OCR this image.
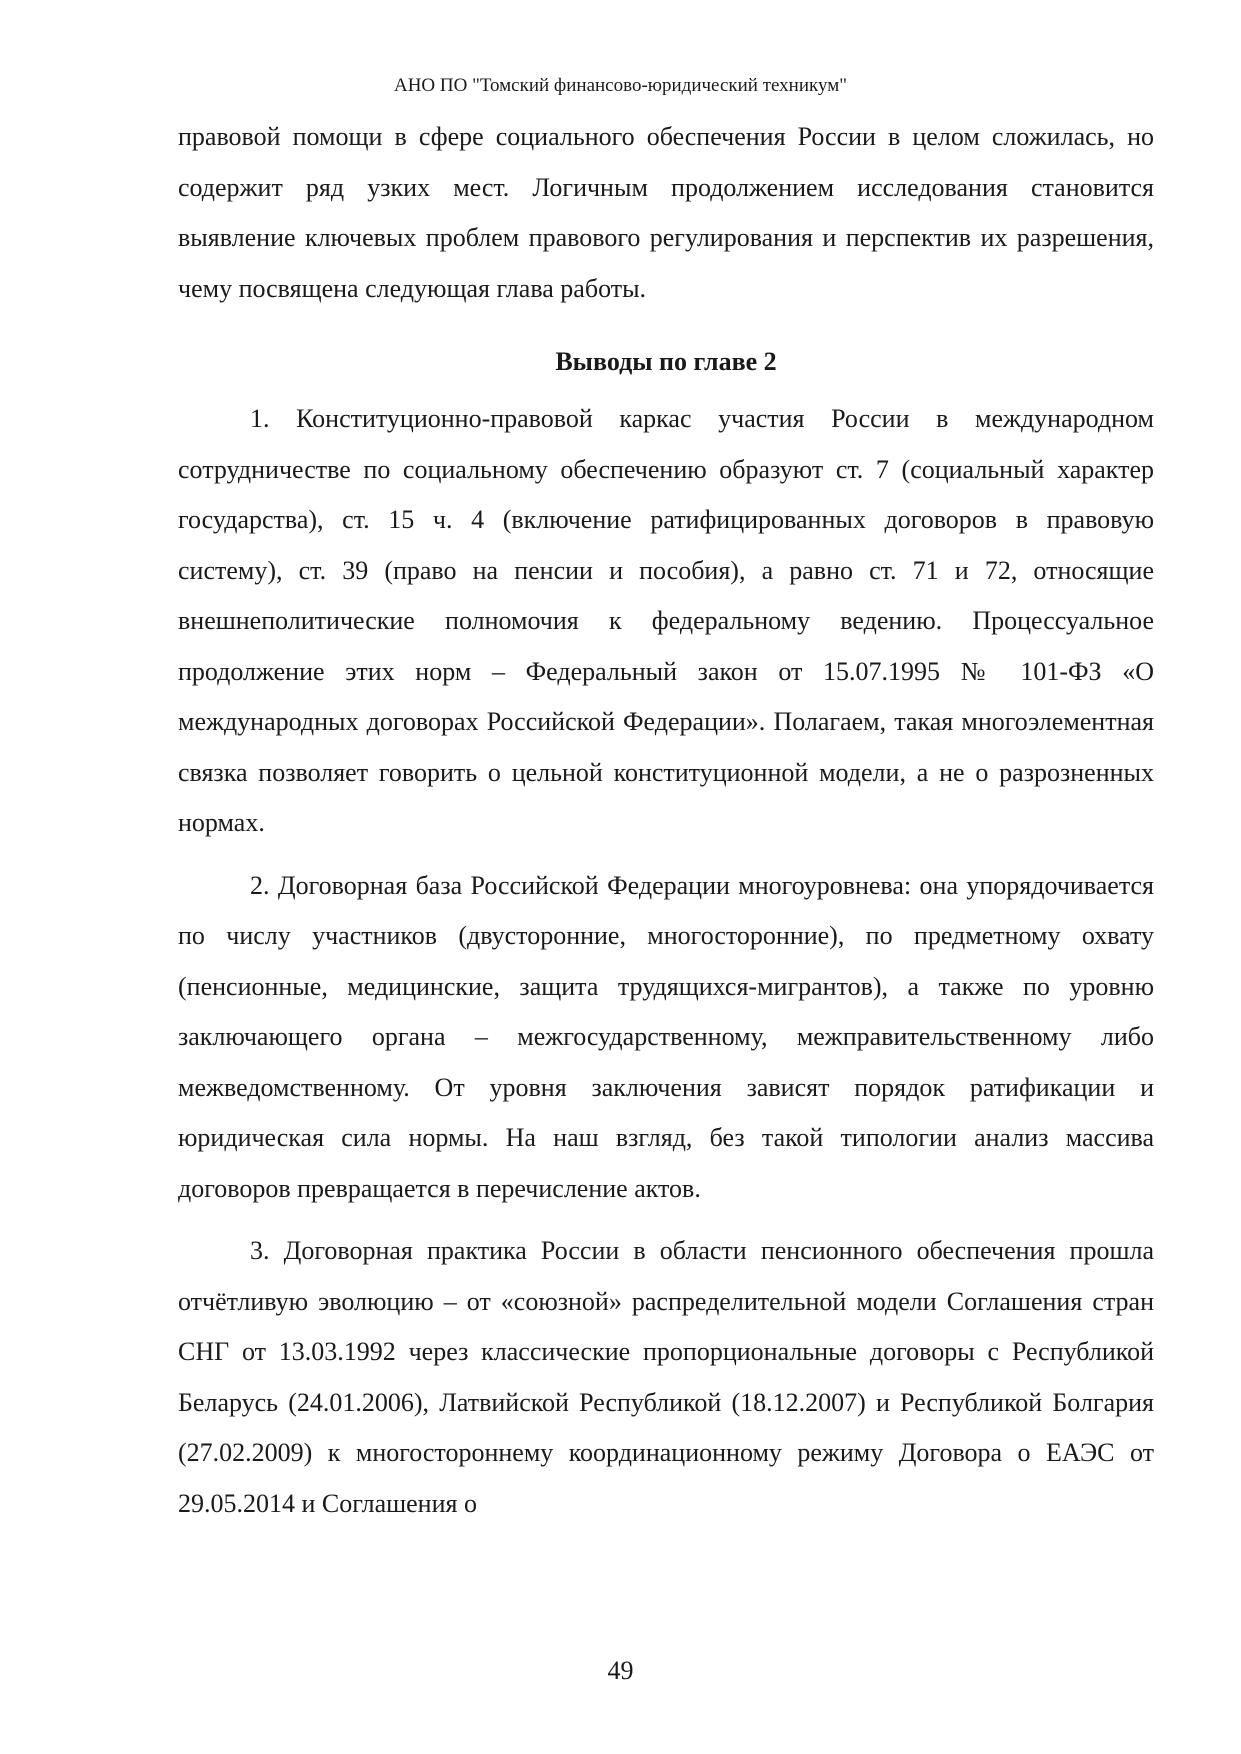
АНО ПО "Томский финансово-юридический техникум"

правовой помощи в сфере социального обеспечения России в целом сложилась, но содержит ряд узких мест. Логичным продолжением исследования становится выявление ключевых проблем правового регулирования и перспектив их разрешения, чему посвящена следующая глава работы.

Выводы по главе 2

1. Конституционно-правовой каркас участия России в международном сотрудничестве по социальному обеспечению образуют ст. 7 (социальный характер государства), ст. 15 ч. 4 (включение ратифицированных договоров в правовую систему), ст. 39 (право на пенсии и пособия), а равно ст. 71 и 72, относящие внешнеполитические полномочия к федеральному ведению. Процессуальное продолжение этих норм – Федеральный закон от 15.07.1995 № 101-ФЗ «О международных договорах Российской Федерации». Полагаем, такая многоэлементная связка позволяет говорить о цельной конституционной модели, а не о разрозненных нормах.

2. Договорная база Российской Федерации многоуровнева: она упорядочивается по числу участников (двусторонние, многосторонние), по предметному охвату (пенсионные, медицинские, защита трудящихся-мигрантов), а также по уровню заключающего органа – межгосударственному, межправительственному либо межведомственному. От уровня заключения зависят порядок ратификации и юридическая сила нормы. На наш взгляд, без такой типологии анализ массива договоров превращается в перечисление актов.

3. Договорная практика России в области пенсионного обеспечения прошла отчётливую эволюцию – от «союзной» распределительной модели Соглашения стран СНГ от 13.03.1992 через классические пропорциональные договоры с Республикой Беларусь (24.01.2006), Латвийской Республикой (18.12.2007) и Республикой Болгария (27.02.2009) к многостороннему координационному режиму Договора о ЕАЭС от 29.05.2014 и Соглашения о

49
